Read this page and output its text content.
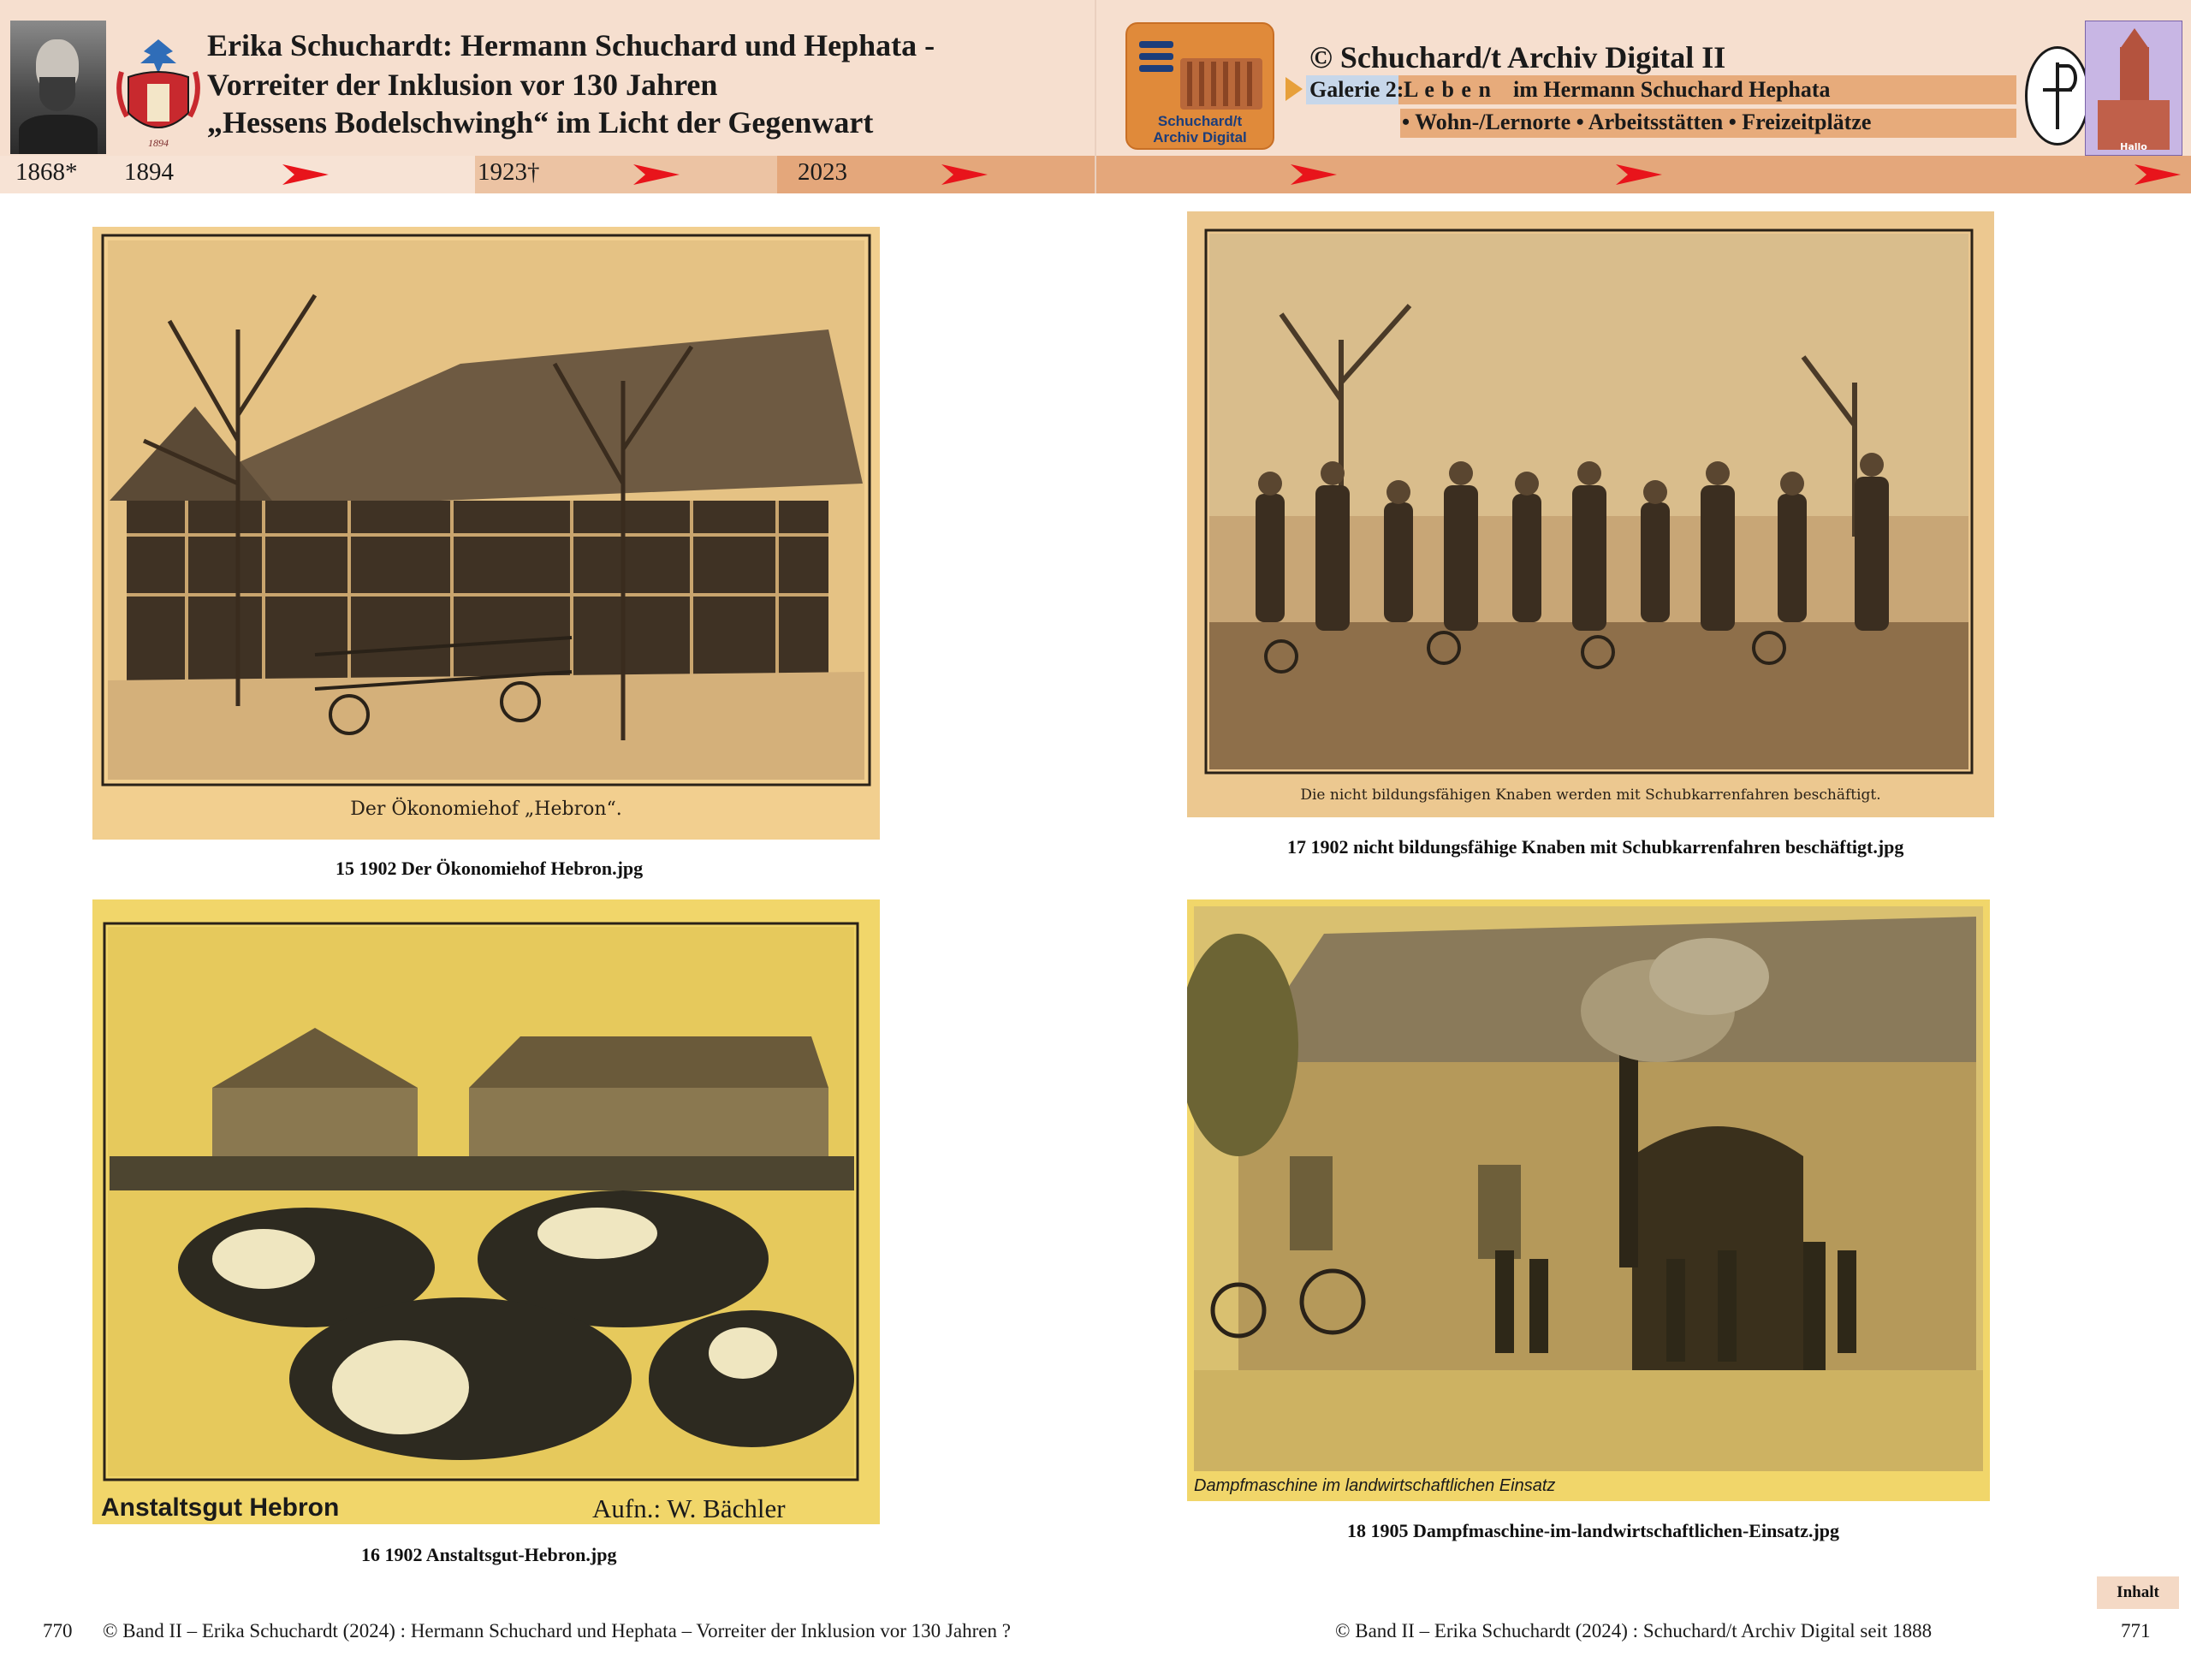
1894
Erika Schuchardt: Hermann Schuchard und Hephata -
Vorreiter der Inklusion vor 130 Jahren
„Hessens Bodelschwingh“ im Licht der Gegenwart
1868* 1894	1923†	2023
Schuchard/t
Archiv Digital
© Schuchard/t Archiv Digital II
Galerie 2: L e b e n im Hermann Schuchard Hephata
• Wohn-/Lernorte • Arbeitsstätten • Freizeitplätze
Hallo
Der Ökonomiehof „Hebron“.
15 1902 Der Ökonomiehof Hebron.jpg
Die nicht bildungsfähigen Knaben werden mit Schubkarrenfahren beschäftigt.
17 1902 nicht bildungsfähige Knaben mit Schubkarrenfahren beschäftigt.jpg
Anstaltsgut Hebron	Aufn.: W. Bächler
16 1902 Anstaltsgut-Hebron.jpg
Dampfmaschine im landwirtschaftlichen Einsatz
18 1905 Dampfmaschine-im-landwirtschaftlichen-Einsatz.jpg
770 © Band II – Erika Schuchardt (2024) : Hermann Schuchard und Hephata – Vorreiter der Inklusion vor 130 Jahren ?	© Band II – Erika Schuchardt (2024) : Schuchard/t Archiv Digital seit 1888	771
Inhalt
